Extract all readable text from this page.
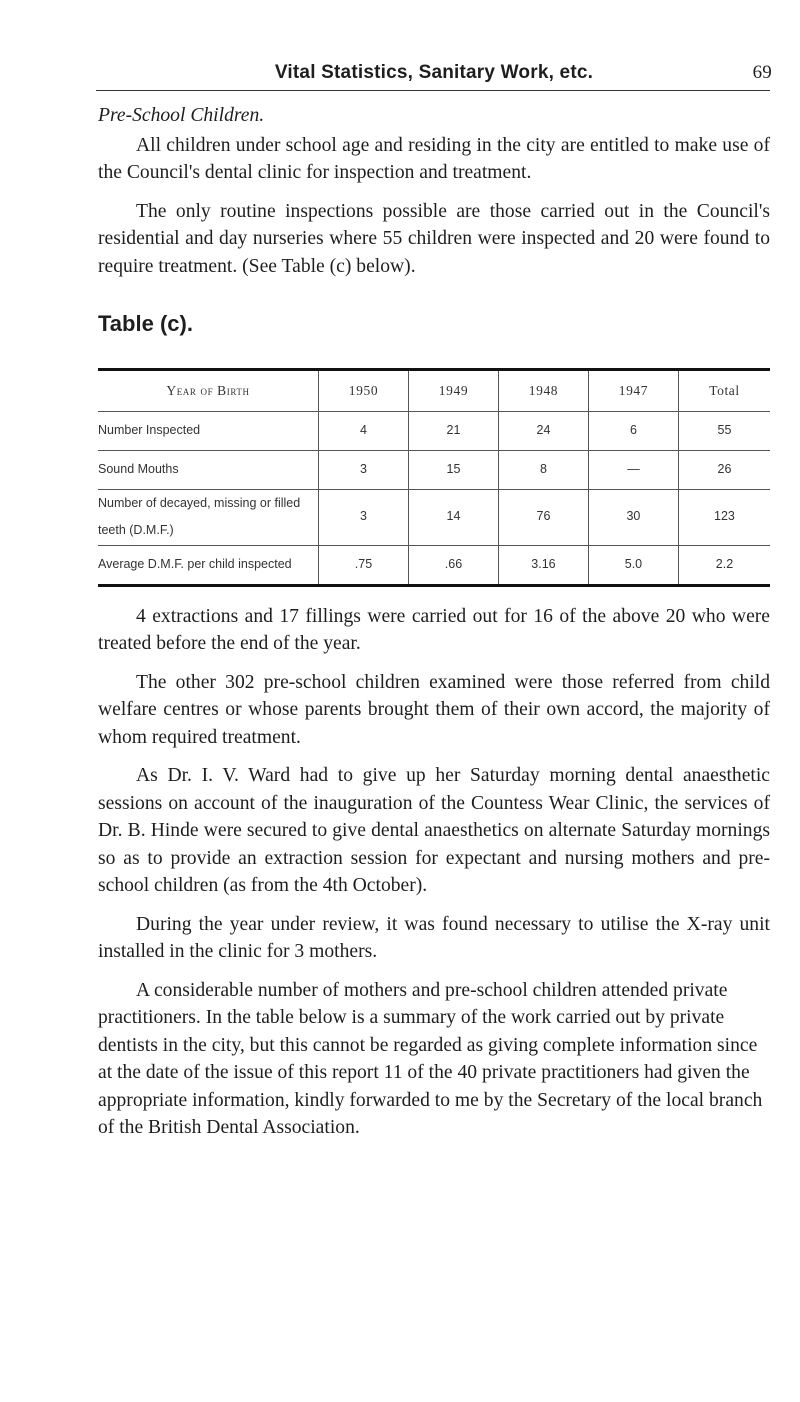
Vital Statistics, Sanitary Work, etc.	69
Pre-School Children.

All children under school age and residing in the city are entitled to make use of the Council's dental clinic for inspection and treatment.

The only routine inspections possible are those carried out in the Council's residential and day nurseries where 55 children were inspected and 20 were found to require treatment. (See Table (c) below).

Table (c).
Year of Birth	1950	1949	1948	1947	Total
Number Inspected	4	21	24	6	55
Sound Mouths	3	15	8	—	26
Number of decayed, missing or filled teeth (D.M.F.)	3	14	76	30	123
Average D.M.F. per child inspected	.75	.66	3.16	5.0	2.2

4 extractions and 17 fillings were carried out for 16 of the above 20 who were treated before the end of the year.

The other 302 pre-school children examined were those referred from child welfare centres or whose parents brought them of their own accord, the majority of whom required treatment.

As Dr. I. V. Ward had to give up her Saturday morning dental anaesthetic sessions on account of the inauguration of the Countess Wear Clinic, the services of Dr. B. Hinde were secured to give dental anaesthetics on alternate Saturday mornings so as to provide an extraction session for expectant and nursing mothers and pre-school children (as from the 4th October).

During the year under review, it was found necessary to utilise the X-ray unit installed in the clinic for 3 mothers.

A considerable number of mothers and pre-school children attended private practitioners. In the table below is a summary of the work carried out by private dentists in the city, but this cannot be regarded as giving complete information since at the date of the issue of this report 11 of the 40 private practitioners had given the appropriate information, kindly forwarded to me by the Secretary of the local branch of the British Dental Association.
